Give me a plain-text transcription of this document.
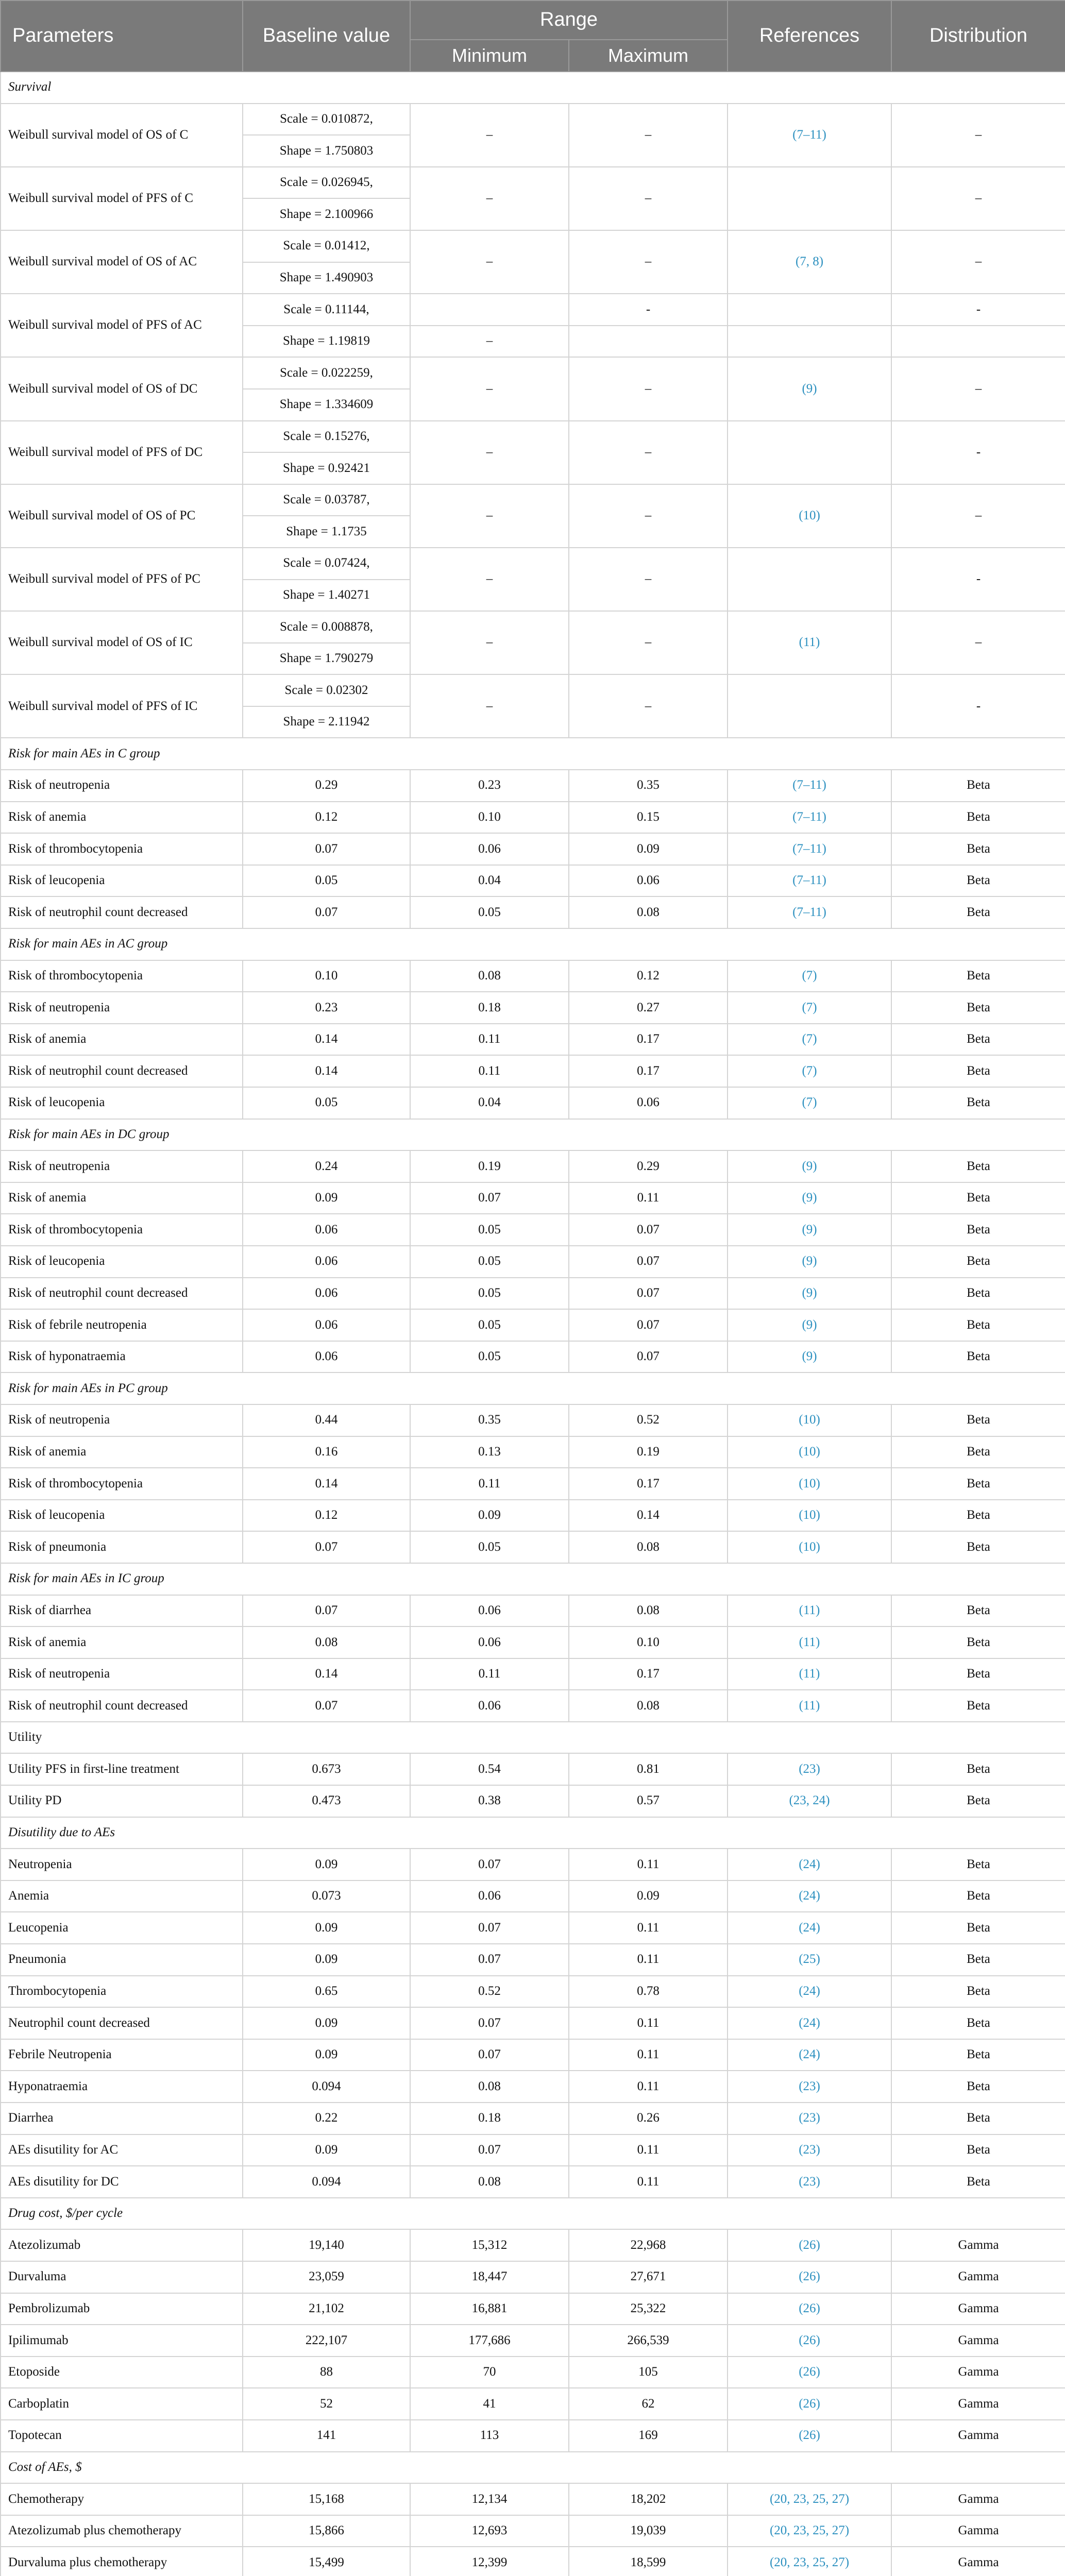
Parameters	Baseline value	Range		References	Distribution
		Minimum	Maximum		
Survival					
Weibull survival model of OS of C	Scale = 0.010872,	–	–	(7–11)	–
	Shape = 1.750803				
Weibull survival model of PFS of C	Scale = 0.026945,	–	–		–
	Shape = 2.100966				
Weibull survival model of OS of AC	Scale = 0.01412,	–	–	(7, 8)	–
	Shape = 1.490903				
Weibull survival model of PFS of AC	Scale = 0.11144,		-		-
	Shape = 1.19819	–			
Weibull survival model of OS of DC	Scale = 0.022259,	–	–	(9)	–
	Shape = 1.334609				
Weibull survival model of PFS of DC	Scale = 0.15276,	–	–		-
	Shape = 0.92421				
Weibull survival model of OS of PC	Scale = 0.03787,	–	–	(10)	–
	Shape = 1.1735				
Weibull survival model of PFS of PC	Scale = 0.07424,	–	–		-
	Shape = 1.40271				
Weibull survival model of OS of IC	Scale = 0.008878,	–	–	(11)	–
	Shape = 1.790279				
Weibull survival model of PFS of IC	Scale = 0.02302	–	–		-
	Shape = 2.11942				
Risk for main AEs in C group					
Risk of neutropenia	0.29	0.23	0.35	(7–11)	Beta
Risk of anemia	0.12	0.10	0.15	(7–11)	Beta
Risk of thrombocytopenia	0.07	0.06	0.09	(7–11)	Beta
Risk of leucopenia	0.05	0.04	0.06	(7–11)	Beta
Risk of neutrophil count decreased	0.07	0.05	0.08	(7–11)	Beta
Risk for main AEs in AC group					
Risk of thrombocytopenia	0.10	0.08	0.12	(7)	Beta
Risk of neutropenia	0.23	0.18	0.27	(7)	Beta
Risk of anemia	0.14	0.11	0.17	(7)	Beta
Risk of neutrophil count decreased	0.14	0.11	0.17	(7)	Beta
Risk of leucopenia	0.05	0.04	0.06	(7)	Beta
Risk for main AEs in DC group					
Risk of neutropenia	0.24	0.19	0.29	(9)	Beta
Risk of anemia	0.09	0.07	0.11	(9)	Beta
Risk of thrombocytopenia	0.06	0.05	0.07	(9)	Beta
Risk of leucopenia	0.06	0.05	0.07	(9)	Beta
Risk of neutrophil count decreased	0.06	0.05	0.07	(9)	Beta
Risk of febrile neutropenia	0.06	0.05	0.07	(9)	Beta
Risk of hyponatraemia	0.06	0.05	0.07	(9)	Beta
Risk for main AEs in PC group					
Risk of neutropenia	0.44	0.35	0.52	(10)	Beta
Risk of anemia	0.16	0.13	0.19	(10)	Beta
Risk of thrombocytopenia	0.14	0.11	0.17	(10)	Beta
Risk of leucopenia	0.12	0.09	0.14	(10)	Beta
Risk of pneumonia	0.07	0.05	0.08	(10)	Beta
Risk for main AEs in IC group					
Risk of diarrhea	0.07	0.06	0.08	(11)	Beta
Risk of anemia	0.08	0.06	0.10	(11)	Beta
Risk of neutropenia	0.14	0.11	0.17	(11)	Beta
Risk of neutrophil count decreased	0.07	0.06	0.08	(11)	Beta
Utility					
Utility PFS in first-line treatment	0.673	0.54	0.81	(23)	Beta
Utility PD	0.473	0.38	0.57	(23, 24)	Beta
Disutility due to AEs					
Neutropenia	0.09	0.07	0.11	(24)	Beta
Anemia	0.073	0.06	0.09	(24)	Beta
Leucopenia	0.09	0.07	0.11	(24)	Beta
Pneumonia	0.09	0.07	0.11	(25)	Beta
Thrombocytopenia	0.65	0.52	0.78	(24)	Beta
Neutrophil count decreased	0.09	0.07	0.11	(24)	Beta
Febrile Neutropenia	0.09	0.07	0.11	(24)	Beta
Hyponatraemia	0.094	0.08	0.11	(23)	Beta
Diarrhea	0.22	0.18	0.26	(23)	Beta
AEs disutility for AC	0.09	0.07	0.11	(23)	Beta
AEs disutility for DC	0.094	0.08	0.11	(23)	Beta
Drug cost, $/per cycle					
Atezolizumab	19,140	15,312	22,968	(26)	Gamma
Durvaluma	23,059	18,447	27,671	(26)	Gamma
Pembrolizumab	21,102	16,881	25,322	(26)	Gamma
Ipilimumab	222,107	177,686	266,539	(26)	Gamma
Etoposide	88	70	105	(26)	Gamma
Carboplatin	52	41	62	(26)	Gamma
Topotecan	141	113	169	(26)	Gamma
Cost of AEs, $					
Chemotherapy	15,168	12,134	18,202	(20, 23, 25, 27)	Gamma
Atezolizumab plus chemotherapy	15,866	12,693	19,039	(20, 23, 25, 27)	Gamma
Durvaluma plus chemotherapy	15,499	12,399	18,599	(20, 23, 25, 27)	Gamma
